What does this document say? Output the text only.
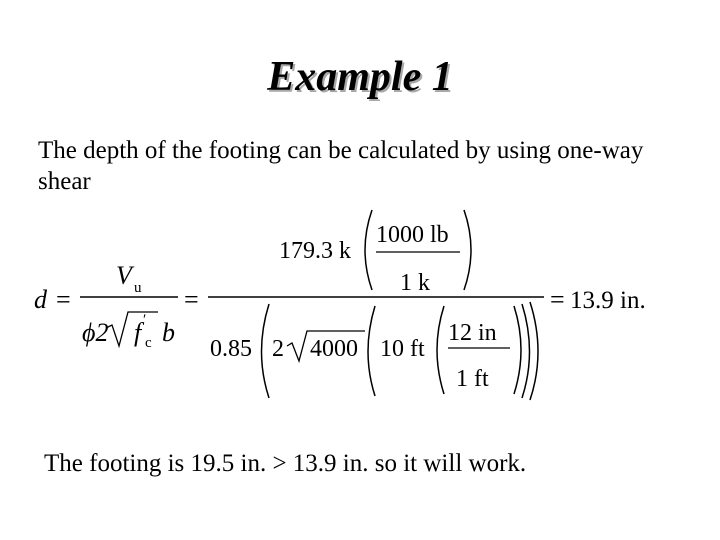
Example 1
The depth of the footing can be calculated by using one-way shear
d =
V u
ϕ2 f ′
c b
=
179.3 k
1000 lb
1 k
0.85 2 4000 10 ft
12 in
1 ft
= 13.9 in.
The footing is 19.5 in. > 13.9 in. so it will work.
